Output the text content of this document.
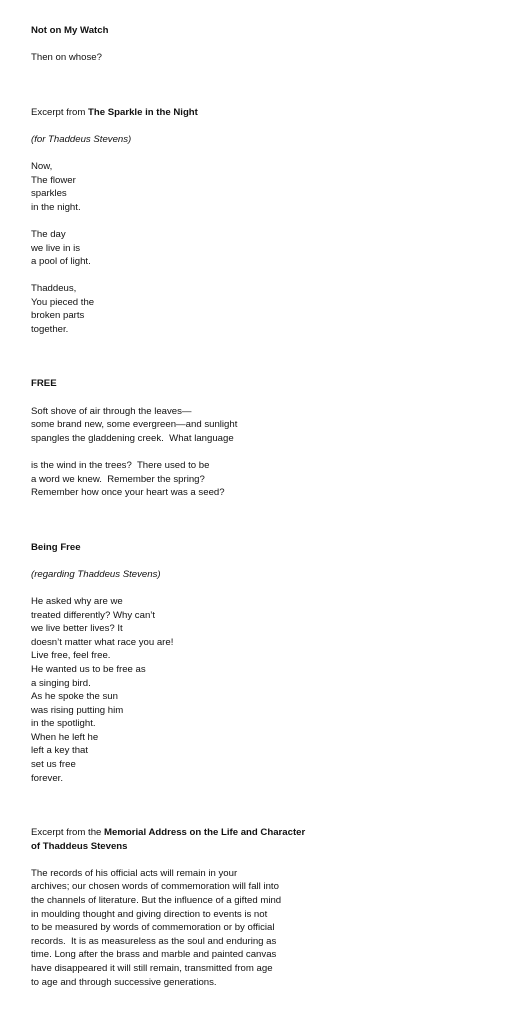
Not on My Watch
Then on whose?
Excerpt from The Sparkle in the Night
(for Thaddeus Stevens)
Now,
The flower
sparkles
in the night.
The day
we live in is
a pool of light.
Thaddeus,
You pieced the
broken parts
together.
FREE
Soft shove of air through the leaves—
some brand new, some evergreen—and sunlight
spangles the gladdening creek.  What language
is the wind in the trees?  There used to be
a word we knew.  Remember the spring?
Remember how once your heart was a seed?
Being Free
(regarding Thaddeus Stevens)
He asked why are we
treated differently? Why can’t
we live better lives? It
doesn’t matter what race you are!
Live free, feel free.
He wanted us to be free as
a singing bird.
As he spoke the sun
was rising putting him
in the spotlight.
When he left he
left a key that
set us free
forever.
Excerpt from the Memorial Address on the Life and Character
of Thaddeus Stevens
The records of his official acts will remain in your
archives; our chosen words of commemoration will fall into
the channels of literature. But the influence of a gifted mind
in moulding thought and giving direction to events is not
to be measured by words of commemoration or by official
records.  It is as measureless as the soul and enduring as
time. Long after the brass and marble and painted canvas
have disappeared it will still remain, transmitted from age
to age and through successive generations.
